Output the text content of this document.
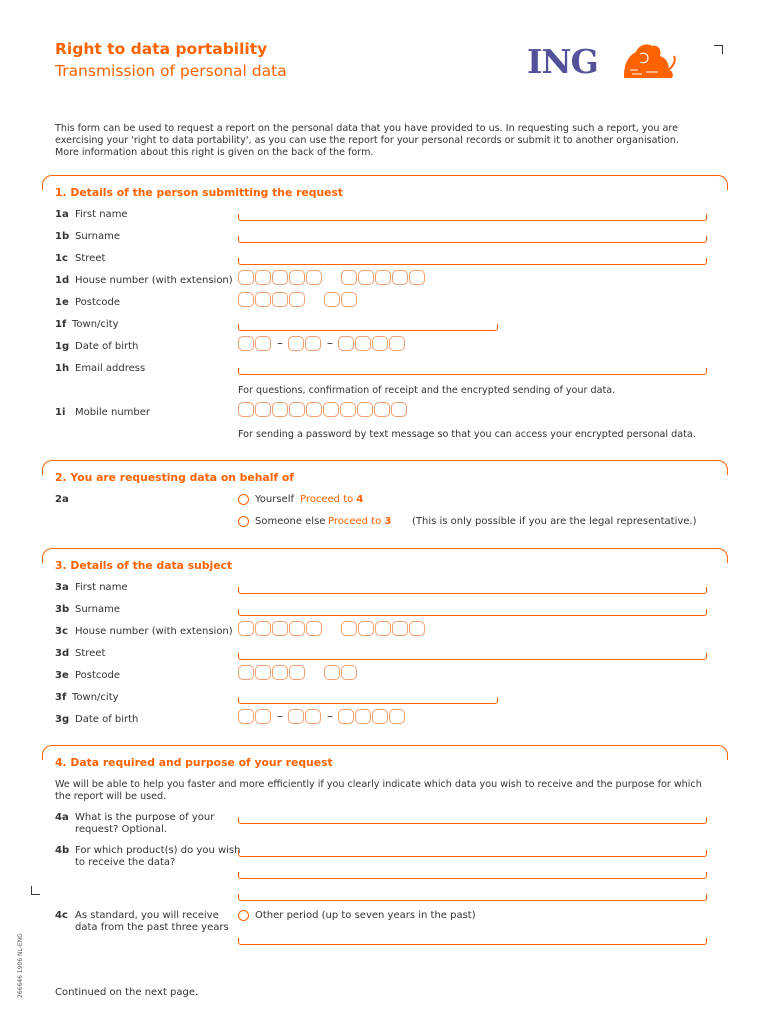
Right to data portability
Transmission of personal data	ING
This form can be used to request a report on the personal data that you have provided to us. In requesting such a report, you are exercising your 'right to data portability', as you can use the report for your personal records or submit it to another organisation. More information about this right is given on the back of the form.
1. Details of the person submitting the request
1a First name
1b Surname
1c Street
1d House number (with extension)
1e Postcode
1f Town/city
1g Date of birth	–	–
1h Email address
For questions, confirmation of receipt and the encrypted sending of your data.
1i Mobile number
For sending a password by text message so that you can access your encrypted personal data.
2. You are requesting data on behalf of
2a	Yourself Proceed to 4
Someone else Proceed to 3 (This is only possible if you are the legal representative.)
3. Details of the data subject
3a First name
3b Surname
3c House number (with extension)
3d Street
3e Postcode
3f Town/city
3g Date of birth	–	–
4. Data required and purpose of your request
We will be able to help you faster and more efficiently if you clearly indicate which data you wish to receive and the purpose for which the report will be used.
4a What is the purpose of your
request? Optional.
4b For which product(s) do you wish
to receive the data?
4c As standard, you will receive
data from the past three years
Other period (up to seven years in the past)
Continued on the next page.
266646 1906 NL-ENG
